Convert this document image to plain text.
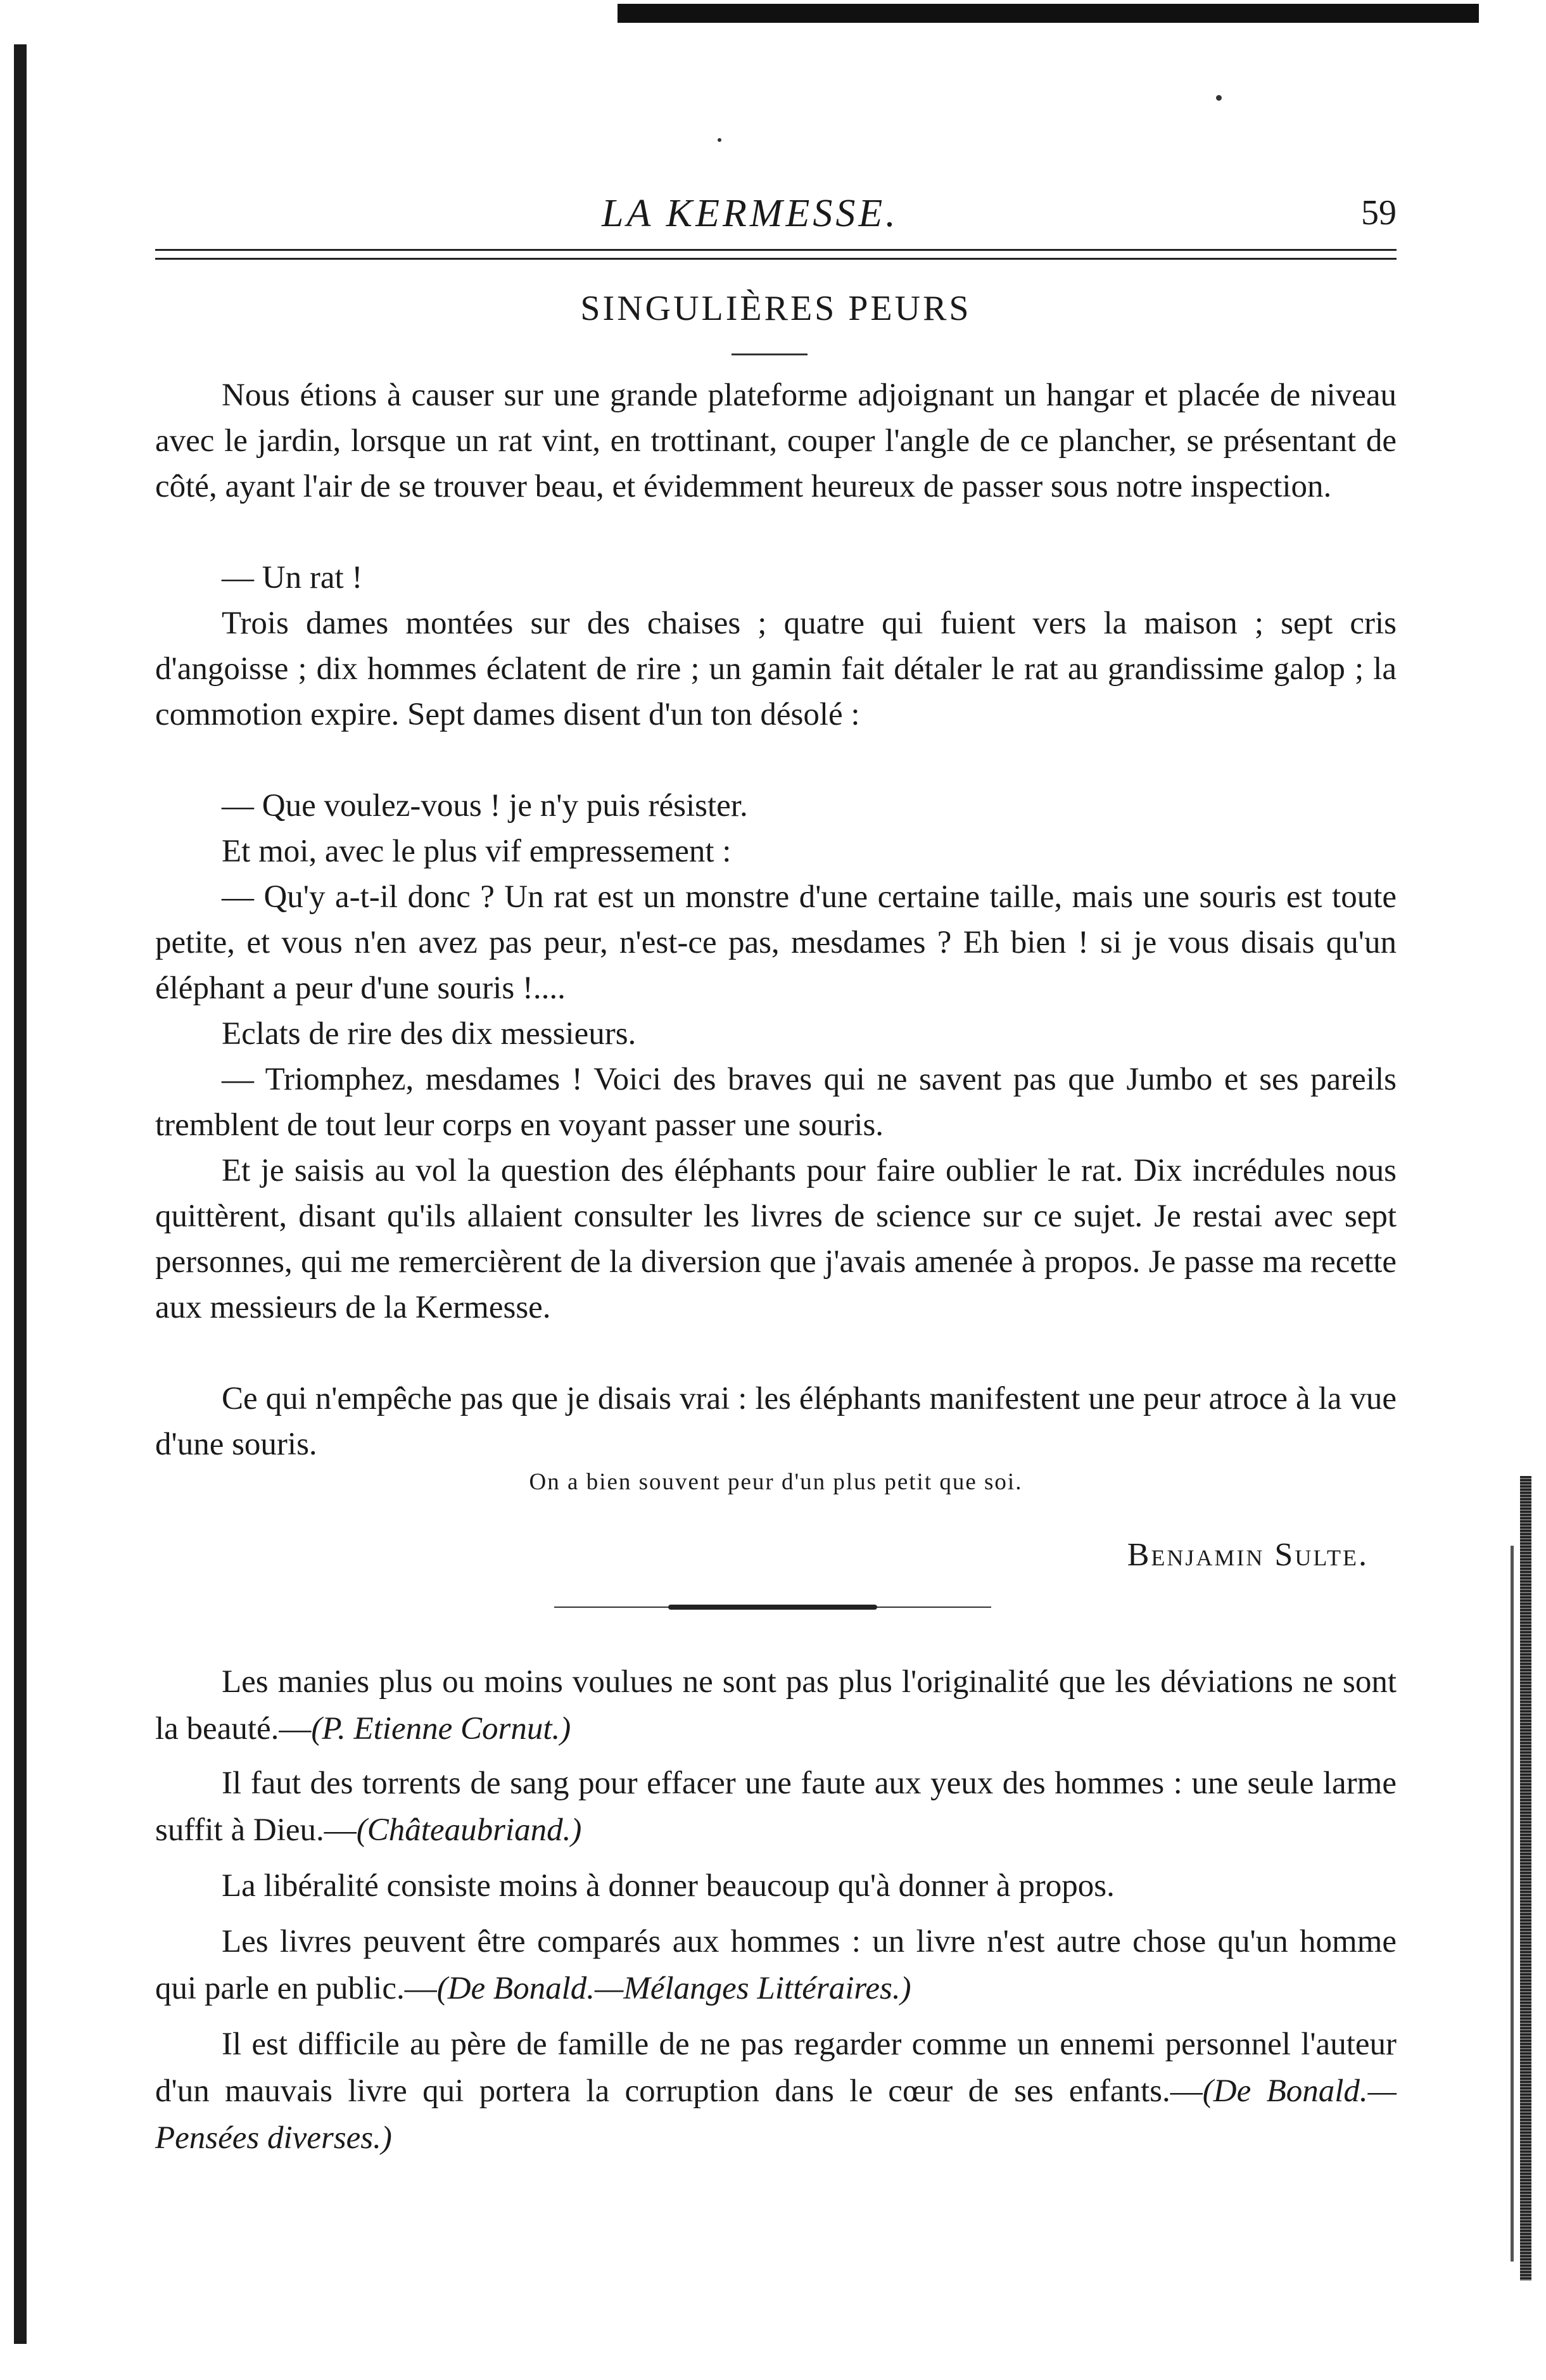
LA KERMESSE.	59
SINGULIÈRES PEURS

Nous étions à causer sur une grande plateforme adjoignant un hangar et placée de niveau avec le jardin, lorsque un rat vint, en trottinant, couper l'angle de ce plancher, se présentant de côté, ayant l'air de se trouver beau, et évidemment heureux de passer sous notre inspection.

— Un rat !

Trois dames montées sur des chaises ; quatre qui fuient vers la maison ; sept cris d'angoisse ; dix hommes éclatent de rire ; un gamin fait détaler le rat au grandissime galop ; la commotion expire. Sept dames disent d'un ton désolé :

— Que voulez-vous ! je n'y puis résister.

Et moi, avec le plus vif empressement :

— Qu'y a-t-il donc ? Un rat est un monstre d'une certaine taille, mais une souris est toute petite, et vous n'en avez pas peur, n'est-ce pas, mesdames ? Eh bien ! si je vous disais qu'un éléphant a peur d'une souris !....

Eclats de rire des dix messieurs.

— Triomphez, mesdames ! Voici des braves qui ne savent pas que Jumbo et ses pareils tremblent de tout leur corps en voyant passer une souris.

Et je saisis au vol la question des éléphants pour faire oublier le rat. Dix incrédules nous quittèrent, disant qu'ils allaient consulter les livres de science sur ce sujet. Je restai avec sept personnes, qui me remercièrent de la diversion que j'avais amenée à propos. Je passe ma recette aux messieurs de la Kermesse.

Ce qui n'empêche pas que je disais vrai : les éléphants manifestent une peur atroce à la vue d'une souris.

On a bien souvent peur d'un plus petit que soi.
Benjamin Sulte.

Les manies plus ou moins voulues ne sont pas plus l'originalité que les déviations ne sont la beauté.—(P. Etienne Cornut.)

Il faut des torrents de sang pour effacer une faute aux yeux des hommes : une seule larme suffit à Dieu.—(Châteaubriand.)

La libéralité consiste moins à donner beaucoup qu'à donner à propos.

Les livres peuvent être comparés aux hommes : un livre n'est autre chose qu'un homme qui parle en public.—(De Bonald.—Mélanges Littéraires.)

Il est difficile au père de famille de ne pas regarder comme un ennemi personnel l'auteur d'un mauvais livre qui portera la corruption dans le cœur de ses enfants.—(De Bonald.—Pensées diverses.)
